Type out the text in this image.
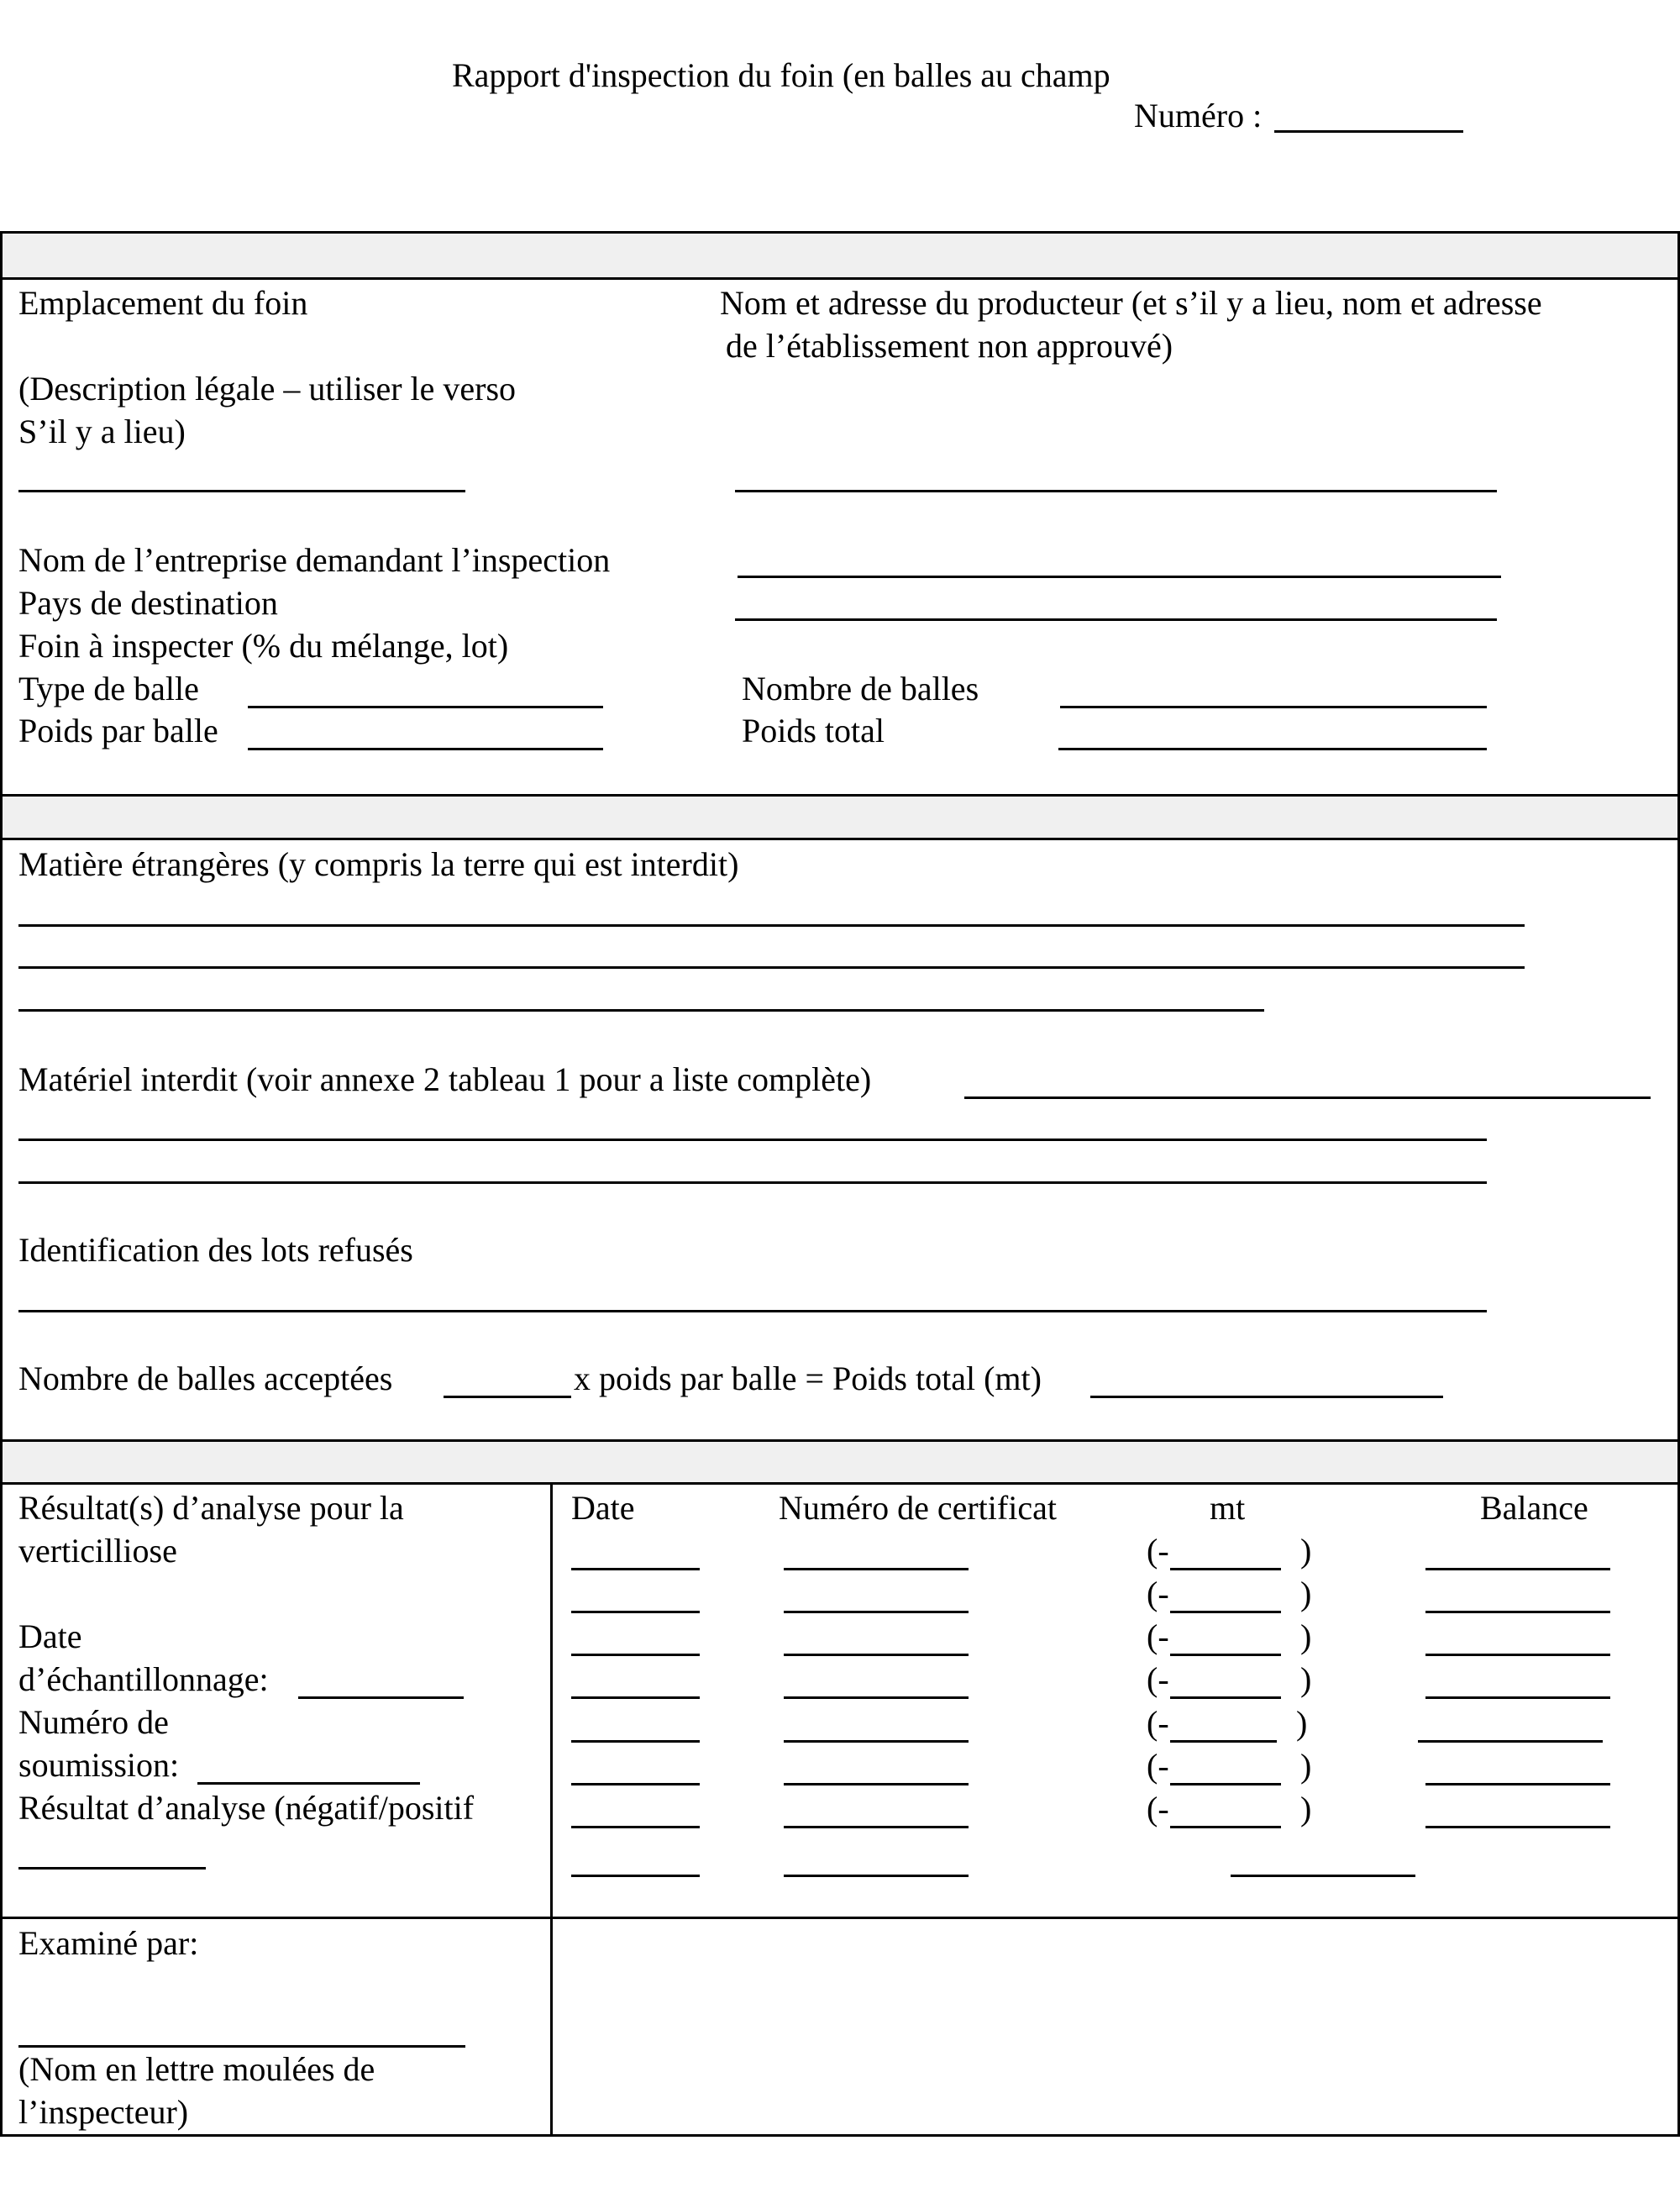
Rapport d'inspection du foin (en balles au champ
Numéro :
Emplacement du foin
(Description légale – utiliser le verso
S’il y a lieu)
Nom et adresse du producteur (et s’il y a lieu, nom et adresse
de l’établissement non approuvé)
Nom de l’entreprise demandant l’inspection
Pays de destination
Foin à inspecter (% du mélange, lot)
Type de balle
Poids par balle
Nombre de balles
Poids total
Matière étrangères (y compris la terre qui est interdit)
Matériel interdit (voir annexe 2 tableau 1 pour a liste complète)
Identification des lots refusés
Nombre de balles acceptées	x poids par balle = Poids total (mt)
Résultat(s) d’analyse pour la
verticilliose
Date
d’échantillonnage:
Numéro de
soumission:
Résultat d’analyse (négatif/positif
Date	Numéro de certificat	mt	Balance
(-	)
(-	)
(-	)
(-	)
(-	)
(-	)
(-	)
Examiné par:
(Nom en lettre moulées de
l’inspecteur)
